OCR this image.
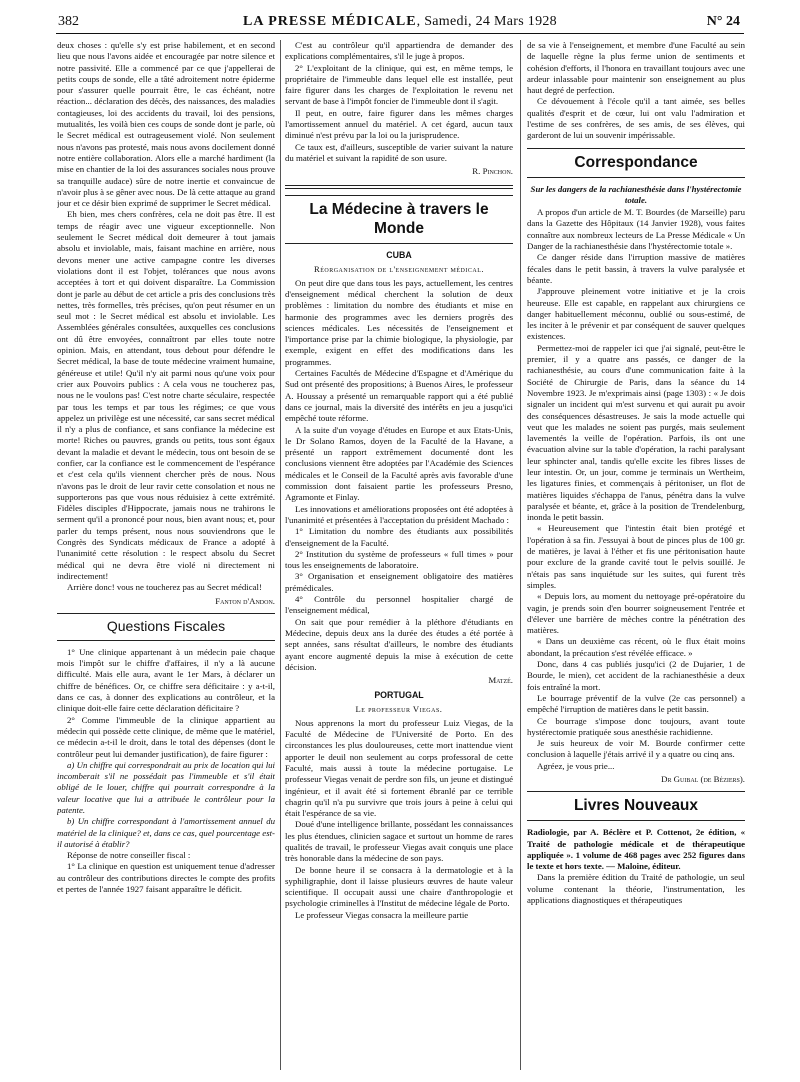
382	LA PRESSE MÉDICALE, Samedi, 24 Mars 1928	N° 24

deux choses : qu'elle s'y est prise habilement, et en second lieu que nous l'avons aidée et encouragée par notre silence et notre passivité. Elle a commencé par ce que j'appellerai de petits coups de sonde, elle a tâté adroitement notre épiderme pour s'assurer quelle pourrait être, le cas échéant, notre réaction... déclaration des décès, des naissances, des maladies contagieuses, loi des accidents du travail, loi des pensions, mutualités, les voilà bien ces coups de sonde dont je parle, où le Secret médical est outrageusement violé. Non seulement nous n'avons pas protesté, mais nous avons docilement donné notre entière collaboration. Alors elle a marché hardiment (la mise en chantier de la loi des assurances sociales nous prouve sa tranquille audace) sûre de notre inertie et convaincue de n'avoir plus à se gêner avec nous. De là cette attaque au grand jour et ce désir bien exprimé de supprimer le Secret médical.

Eh bien, mes chers confrères, cela ne doit pas être. Il est temps de réagir avec une vigueur exceptionnelle. Non seulement le Secret médical doit demeurer à tout jamais absolu et inviolable, mais, faisant machine en arrière, nous devons mener une active campagne contre les diverses violations dont il est l'objet, tolérances que nous avons acceptées à tort et qui doivent disparaître. La Commission dont je parle au début de cet article a pris des conclusions très nettes, très formelles, très précises, qu'on peut résumer en un seul mot : le Secret médical est absolu et inviolable. Les Assemblées générales consultées, auxquelles ces conclusions ont dû être envoyées, connaîtront par elles toute notre opinion. Mais, en attendant, tous debout pour défendre le Secret médical, la base de toute médecine vraiment humaine, généreuse et utile! Qu'il n'y ait parmi nous qu'une voix pour crier aux Pouvoirs publics : A cela vous ne toucherez pas, nous ne le voulons pas! C'est notre charte séculaire, respectée par tous les temps et par tous les régimes; ce que vous appelez un privilège est une nécessité, car sans secret médical il n'y a plus de confiance, et sans confiance la médecine est morte! Riches ou pauvres, grands ou petits, tous sont égaux devant la maladie et devant le médecin, tous ont besoin de se confier, car la confiance est le commencement de l'espérance et c'est cela qu'ils viennent chercher près de nous. Nous n'avons pas le droit de leur ravir cette consolation et nous ne supporterons pas que vous nous réduisiez à cette extrémité. Fidèles disciples d'Hippocrate, jamais nous ne trahirons le serment qu'il a prononcé pour nous, bien avant nous; et, pour parler du temps présent, nous nous souviendrons que le Congrès des Syndicats médicaux de France a adopté à l'unanimité cette résolution : le respect absolu du Secret médical qui ne devra être violé ni directement ni indirectement!

Arrière donc! vous ne toucherez pas au Secret médical!

Fanton d'Andon.

Questions Fiscales

1° Une clinique appartenant à un médecin paie chaque mois l'impôt sur le chiffre d'affaires, il n'y a là aucune difficulté. Mais elle aura, avant le 1er Mars, à déclarer un chiffre de bénéfices. Or, ce chiffre sera déficitaire : y a-t-il, dans ce cas, à donner des explications au contrôleur, et la clinique doit-elle faire cette déclaration déficitaire ?

2° Comme l'immeuble de la clinique appartient au médecin qui possède cette clinique, de même que le matériel, ce médecin a-t-il le droit, dans le total des dépenses (dont le contrôleur peut lui demander justification), de faire figurer :

a) Un chiffre qui correspondrait au prix de location qui lui incomberait s'il ne possédait pas l'immeuble et s'il était obligé de le louer, chiffre qui pourrait correspondre à la valeur locative que lui a attribuée le contrôleur pour la patente.

b) Un chiffre correspondant à l'amortissement annuel du matériel de la clinique? et, dans ce cas, quel pourcentage est-il autorisé à établir?

Réponse de notre conseiller fiscal :

1° La clinique en question est uniquement tenue d'adresser au contrôleur des contributions directes le compte des profits et pertes de l'année 1927 faisant apparaître le déficit.

C'est au contrôleur qu'il appartiendra de demander des explications complémentaires, s'il le juge à propos.

2° L'exploitant de la clinique, qui est, en même temps, le propriétaire de l'immeuble dans lequel elle est installée, peut faire figurer dans les charges de l'exploitation le revenu net servant de base à l'impôt foncier de l'immeuble dont il s'agit.

Il peut, en outre, faire figurer dans les mêmes charges l'amortissement annuel du matériel. A cet égard, aucun taux diminué n'est prévu par la loi ou la jurisprudence.

Ce taux est, d'ailleurs, susceptible de varier suivant la nature du matériel et suivant la rapidité de son usure.

R. Pinchon.

La Médecine à travers le Monde
CUBA
Réorganisation de l'enseignement médical.

On peut dire que dans tous les pays, actuellement, les centres d'enseignement médical cherchent la solution de deux problèmes : limitation du nombre des étudiants et mise en harmonie des programmes avec les derniers progrès des sciences médicales. Les nécessités de l'enseignement et l'importance prise par la chimie biologique, la physiologie, par exemple, exigent en effet des modifications dans les programmes.

Certaines Facultés de Médecine d'Espagne et d'Amérique du Sud ont présenté des propositions; à Buenos Aires, le professeur A. Houssay a présenté un remarquable rapport qui a été publié dans ce journal, mais la diversité des intérêts en jeu a jusqu'ici empêché toute réforme.

A la suite d'un voyage d'études en Europe et aux Etats-Unis, le Dr Solano Ramos, doyen de la Faculté de la Havane, a présenté un rapport extrêmement documenté dont les conclusions viennent être adoptées par l'Académie des Sciences médicales et le Conseil de la Faculté après avis favorable d'une commission dont faisaient partie les professeurs Presno, Agramonte et Finlay.

Les innovations et améliorations proposées ont été adoptées à l'unanimité et présentées à l'acceptation du président Machado :

1° Limitation du nombre des étudiants aux possibilités d'enseignement de la Faculté.

2° Institution du système de professeurs « full times » pour tous les enseignements de laboratoire.

3° Organisation et enseignement obligatoire des matières prémédicales.

4° Contrôle du personnel hospitalier chargé de l'enseignement médical,

On sait que pour remédier à la pléthore d'étudiants en Médecine, depuis deux ans la durée des études a été portée à sept années, sans résultat d'ailleurs, le nombre des étudiants ayant encore augmenté depuis la mise à exécution de cette décision.

Matzé.

PORTUGAL
Le professeur Viegas.

Nous apprenons la mort du professeur Luiz Viegas, de la Faculté de Médecine de l'Université de Porto. En des circonstances les plus douloureuses, cette mort inattendue vient apporter le deuil non seulement au corps professoral de cette Faculté, mais aussi à toute la médecine portugaise. Le professeur Viegas venait de perdre son fils, un jeune et distingué ingénieur, et il avait été si fortement ébranlé par ce terrible chagrin qu'il n'a pu survivre que trois jours à peine à celui qui était l'espérance de sa vie.

Doué d'une intelligence brillante, possédant les connaissances les plus étendues, clinicien sagace et surtout un homme de rares qualités de travail, le professeur Viegas avait conquis une place très honorable dans la médecine de son pays.

De bonne heure il se consacra à la dermatologie et à la syphiligraphie, dont il laisse plusieurs œuvres de haute valeur scientifique. Il occupait aussi une chaire d'anthropologie et psychologie criminelles à l'Institut de médecine légale de Porto.

Le professeur Viegas consacra la meilleure partie

de sa vie à l'enseignement, et membre d'une Faculté au sein de laquelle règne la plus ferme union de sentiments et cohésion d'efforts, il l'honora en travaillant toujours avec une ardeur inlassable pour maintenir son enseignement au plus haut degré de perfection.

Ce dévouement à l'école qu'il a tant aimée, ses belles qualités d'esprit et de cœur, lui ont valu l'admiration et l'estime de ses confrères, de ses amis, de ses élèves, qui garderont de lui un souvenir impérissable.

Correspondance
Sur les dangers de la rachianesthésie dans l'hystérectomie totale.

A propos d'un article de M. T. Bourdes (de Marseille) paru dans la Gazette des Hôpitaux (14 Janvier 1928), vous faites connaître aux nombreux lecteurs de La Presse Médicale « Un Danger de la rachianesthésie dans l'hystérectomie totale ».

Ce danger réside dans l'irruption massive de matières fécales dans le petit bassin, à travers la vulve paralysée et béante.

J'approuve pleinement votre initiative et je la crois heureuse. Elle est capable, en rappelant aux chirurgiens ce danger habituellement méconnu, oublié ou sous-estimé, de les inciter à le prévenir et par conséquent de sauver quelques existences.

Permettez-moi de rappeler ici que j'ai signalé, peut-être le premier, il y a quatre ans passés, ce danger de la rachianesthésie, au cours d'une communication faite à la Société de Chirurgie de Paris, dans la séance du 14 Novembre 1923. Je m'exprimais ainsi (page 1303) : « Je dois signaler un incident qui m'est survenu et qui aurait pu avoir des conséquences désastreuses. Je sais la mode actuelle qui veut que les malades ne soient pas purgés, mais seulement lavementés la veille de l'opération. Parfois, ils ont une évacuation alvine sur la table d'opération, la rachi paralysant leur sphincter anal, tandis qu'elle excite les fibres lisses de leur intestin. Or, un jour, comme je terminais un Wertheim, les ligatures finies, et commençais à péritoniser, un flot de matières liquides s'échappa de l'anus, pénétra dans la vulve paralysée et béante, et, grâce à la position de Trendelenburg, inonda le petit bassin.

« Heureusement que l'intestin était bien protégé et l'opération à sa fin. J'essuyai à bout de pinces plus de 100 gr. de matières, je lavai à l'éther et fis une péritonisation haute pour exclure de la grande cavité tout le pelvis souillé. Je n'étais pas sans inquiétude sur les suites, qui furent très simples.

« Depuis lors, au moment du nettoyage pré-opératoire du vagin, je prends soin d'en bourrer soigneusement l'entrée et d'élever une barrière de mèches contre la pénétration des matières.

« Dans un deuxième cas récent, où le flux était moins abondant, la précaution s'est révélée efficace. »

Donc, dans 4 cas publiés jusqu'ici (2 de Dujarier, 1 de Bourde, le mien), cet accident de la rachianesthésie a deux fois entraîné la mort.

Le bourrage préventif de la vulve (2e cas personnel) a empêché l'irruption de matières dans le petit bassin.

Ce bourrage s'impose donc toujours, avant toute hystérectomie pratiquée sous anesthésie rachidienne.

Je suis heureux de voir M. Bourde confirmer cette conclusion à laquelle j'étais arrivé il y a quatre ou cinq ans.

Agréez, je vous prie...

Dr Guibal (de Béziers).

Livres Nouveaux

Radiologie, par A. Béclère et P. Cottenot, 2e édition, « Traité de pathologie médicale et de thérapeutique appliquée ». 1 volume de 468 pages avec 252 figures dans le texte et hors texte. — Maloine, éditeur.

Dans la première édition du Traité de pathologie, un seul volume contenant la théorie, l'instrumentation, les applications diagnostiques et thérapeutiques
